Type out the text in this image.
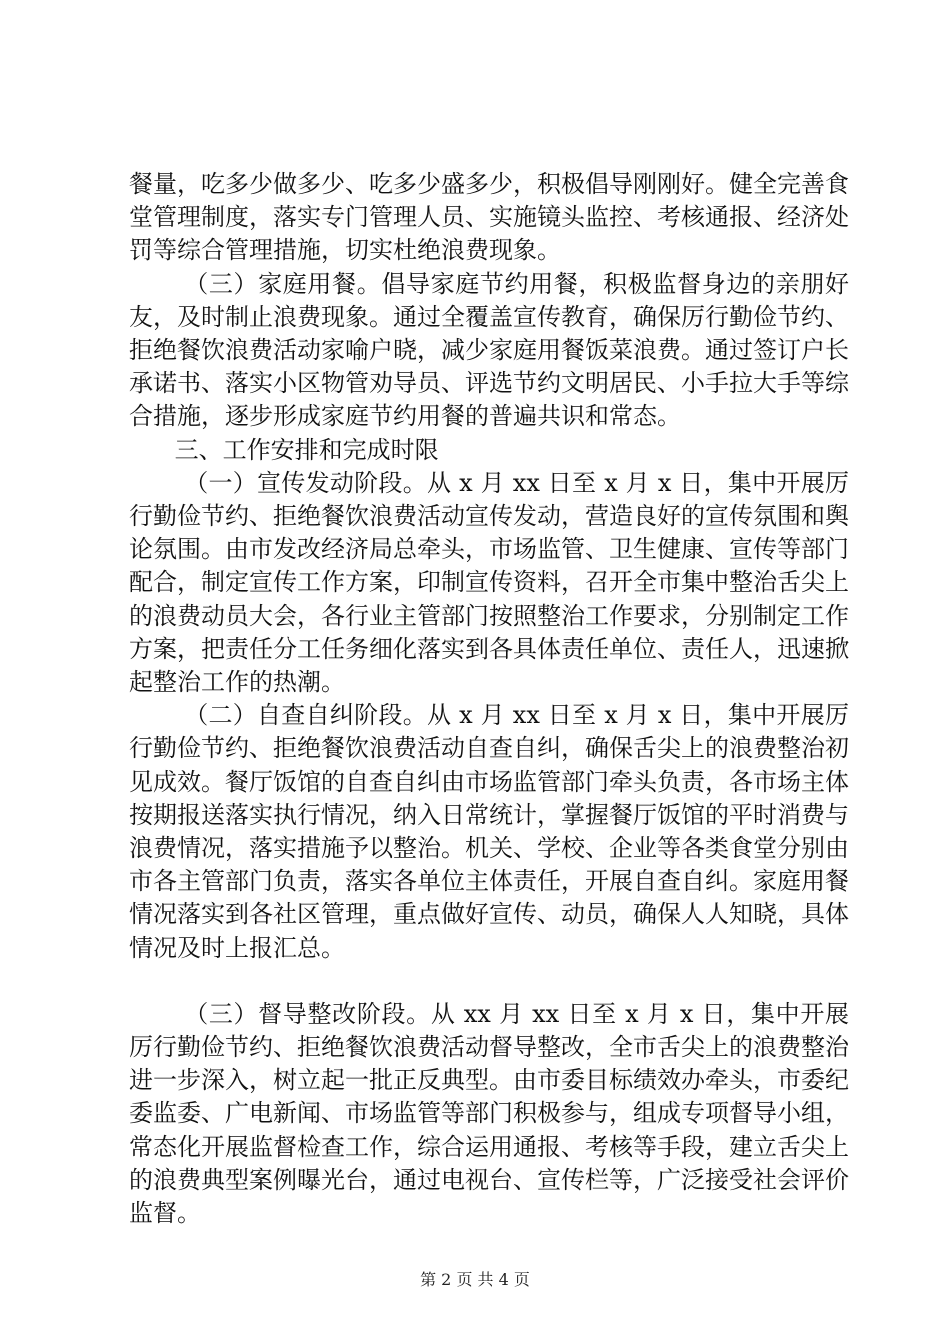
餐量，吃多少做多少、吃多少盛多少，积极倡导刚刚好。健全完善食堂管理制度，落实专门管理人员、实施镜头监控、考核通报、经济处罚等综合管理措施，切实杜绝浪费现象。

（三）家庭用餐。倡导家庭节约用餐，积极监督身边的亲朋好友，及时制止浪费现象。通过全覆盖宣传教育，确保厉行勤俭节约、拒绝餐饮浪费活动家喻户晓，减少家庭用餐饭菜浪费。通过签订户长承诺书、落实小区物管劝导员、评选节约文明居民、小手拉大手等综合措施，逐步形成家庭节约用餐的普遍共识和常态。

三、工作安排和完成时限

（一）宣传发动阶段。从 x 月 xx 日至 x 月 x 日，集中开展厉行勤俭节约、拒绝餐饮浪费活动宣传发动，营造良好的宣传氛围和舆论氛围。由市发改经济局总牵头，市场监管、卫生健康、宣传等部门配合，制定宣传工作方案，印制宣传资料，召开全市集中整治舌尖上的浪费动员大会，各行业主管部门按照整治工作要求，分别制定工作方案，把责任分工任务细化落实到各具体责任单位、责任人，迅速掀起整治工作的热潮。

（二）自查自纠阶段。从 x 月 xx 日至 x 月 x 日，集中开展厉行勤俭节约、拒绝餐饮浪费活动自查自纠，确保舌尖上的浪费整治初见成效。餐厅饭馆的自查自纠由市场监管部门牵头负责，各市场主体按期报送落实执行情况，纳入日常统计，掌握餐厅饭馆的平时消费与浪费情况，落实措施予以整治。机关、学校、企业等各类食堂分别由市各主管部门负责，落实各单位主体责任，开展自查自纠。家庭用餐情况落实到各社区管理，重点做好宣传、动员，确保人人知晓，具体情况及时上报汇总。

（三）督导整改阶段。从 xx 月 xx 日至 x 月 x 日，集中开展厉行勤俭节约、拒绝餐饮浪费活动督导整改，全市舌尖上的浪费整治进一步深入，树立起一批正反典型。由市委目标绩效办牵头，市委纪委监委、广电新闻、市场监管等部门积极参与，组成专项督导小组，常态化开展监督检查工作，综合运用通报、考核等手段，建立舌尖上的浪费典型案例曝光台，通过电视台、宣传栏等，广泛接受社会评价监督。

第 2 页 共 4 页
